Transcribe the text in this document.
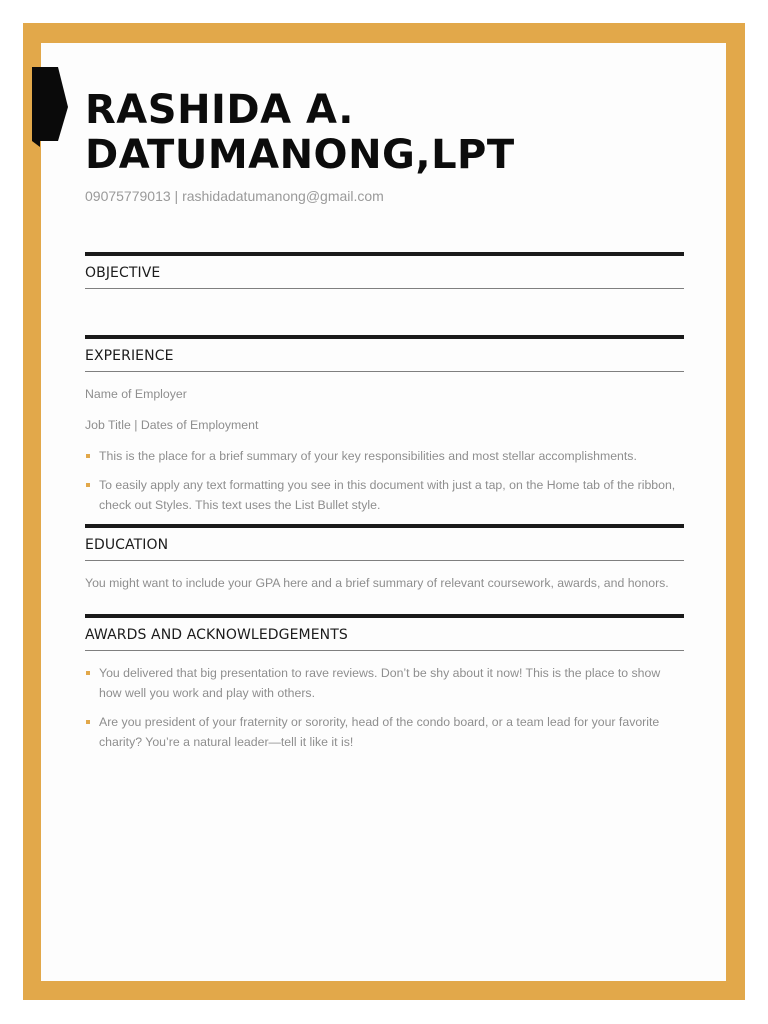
RASHIDA A.
DATUMANONG,LPT
09075779013 | rashidadatumanong@gmail.com
OBJECTIVE
EXPERIENCE

Name of Employer

Job Title | Dates of Employment

This is the place for a brief summary of your key responsibilities and most stellar accomplishments.
To easily apply any text formatting you see in this document with just a tap, on the Home tab of the ribbon, check out Styles. This text uses the List Bullet style.
EDUCATION

You might want to include your GPA here and a brief summary of relevant coursework, awards, and honors.

AWARDS AND ACKNOWLEDGEMENTS
You delivered that big presentation to rave reviews. Don’t be shy about it now! This is the place to show how well you work and play with others.
Are you president of your fraternity or sorority, head of the condo board, or a team lead for your favorite charity? You’re a natural leader—tell it like it is!
